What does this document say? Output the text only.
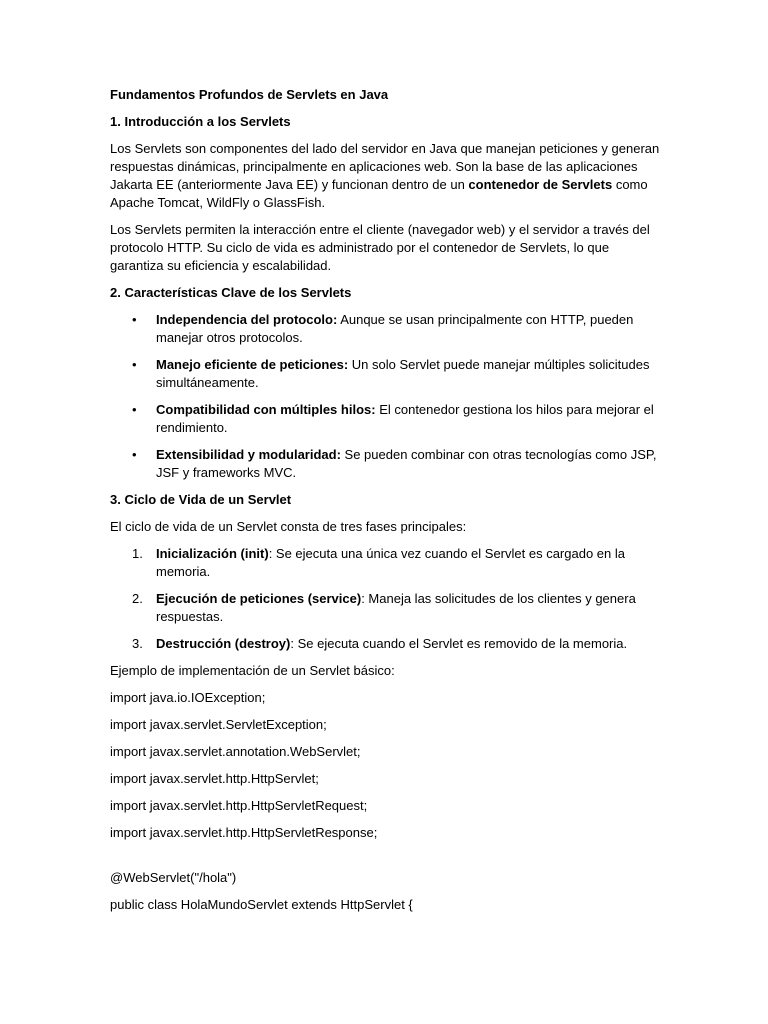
Fundamentos Profundos de Servlets en Java

1. Introducción a los Servlets

Los Servlets son componentes del lado del servidor en Java que manejan peticiones y generan respuestas dinámicas, principalmente en aplicaciones web. Son la base de las aplicaciones Jakarta EE (anteriormente Java EE) y funcionan dentro de un contenedor de Servlets como Apache Tomcat, WildFly o GlassFish.

Los Servlets permiten la interacción entre el cliente (navegador web) y el servidor a través del protocolo HTTP. Su ciclo de vida es administrado por el contenedor de Servlets, lo que garantiza su eficiencia y escalabilidad.

2. Características Clave de los Servlets

• Independencia del protocolo: Aunque se usan principalmente con HTTP, pueden manejar otros protocolos.
• Manejo eficiente de peticiones: Un solo Servlet puede manejar múltiples solicitudes simultáneamente.
• Compatibilidad con múltiples hilos: El contenedor gestiona los hilos para mejorar el rendimiento.
• Extensibilidad y modularidad: Se pueden combinar con otras tecnologías como JSP, JSF y frameworks MVC.

3. Ciclo de Vida de un Servlet

El ciclo de vida de un Servlet consta de tres fases principales:

1. Inicialización (init): Se ejecuta una única vez cuando el Servlet es cargado en la memoria.
2. Ejecución de peticiones (service): Maneja las solicitudes de los clientes y genera respuestas.
3. Destrucción (destroy): Se ejecuta cuando el Servlet es removido de la memoria.

Ejemplo de implementación de un Servlet básico:

import java.io.IOException;

import javax.servlet.ServletException;

import javax.servlet.annotation.WebServlet;

import javax.servlet.http.HttpServlet;

import javax.servlet.http.HttpServletRequest;

import javax.servlet.http.HttpServletResponse;

@WebServlet("/hola")

public class HolaMundoServlet extends HttpServlet {
